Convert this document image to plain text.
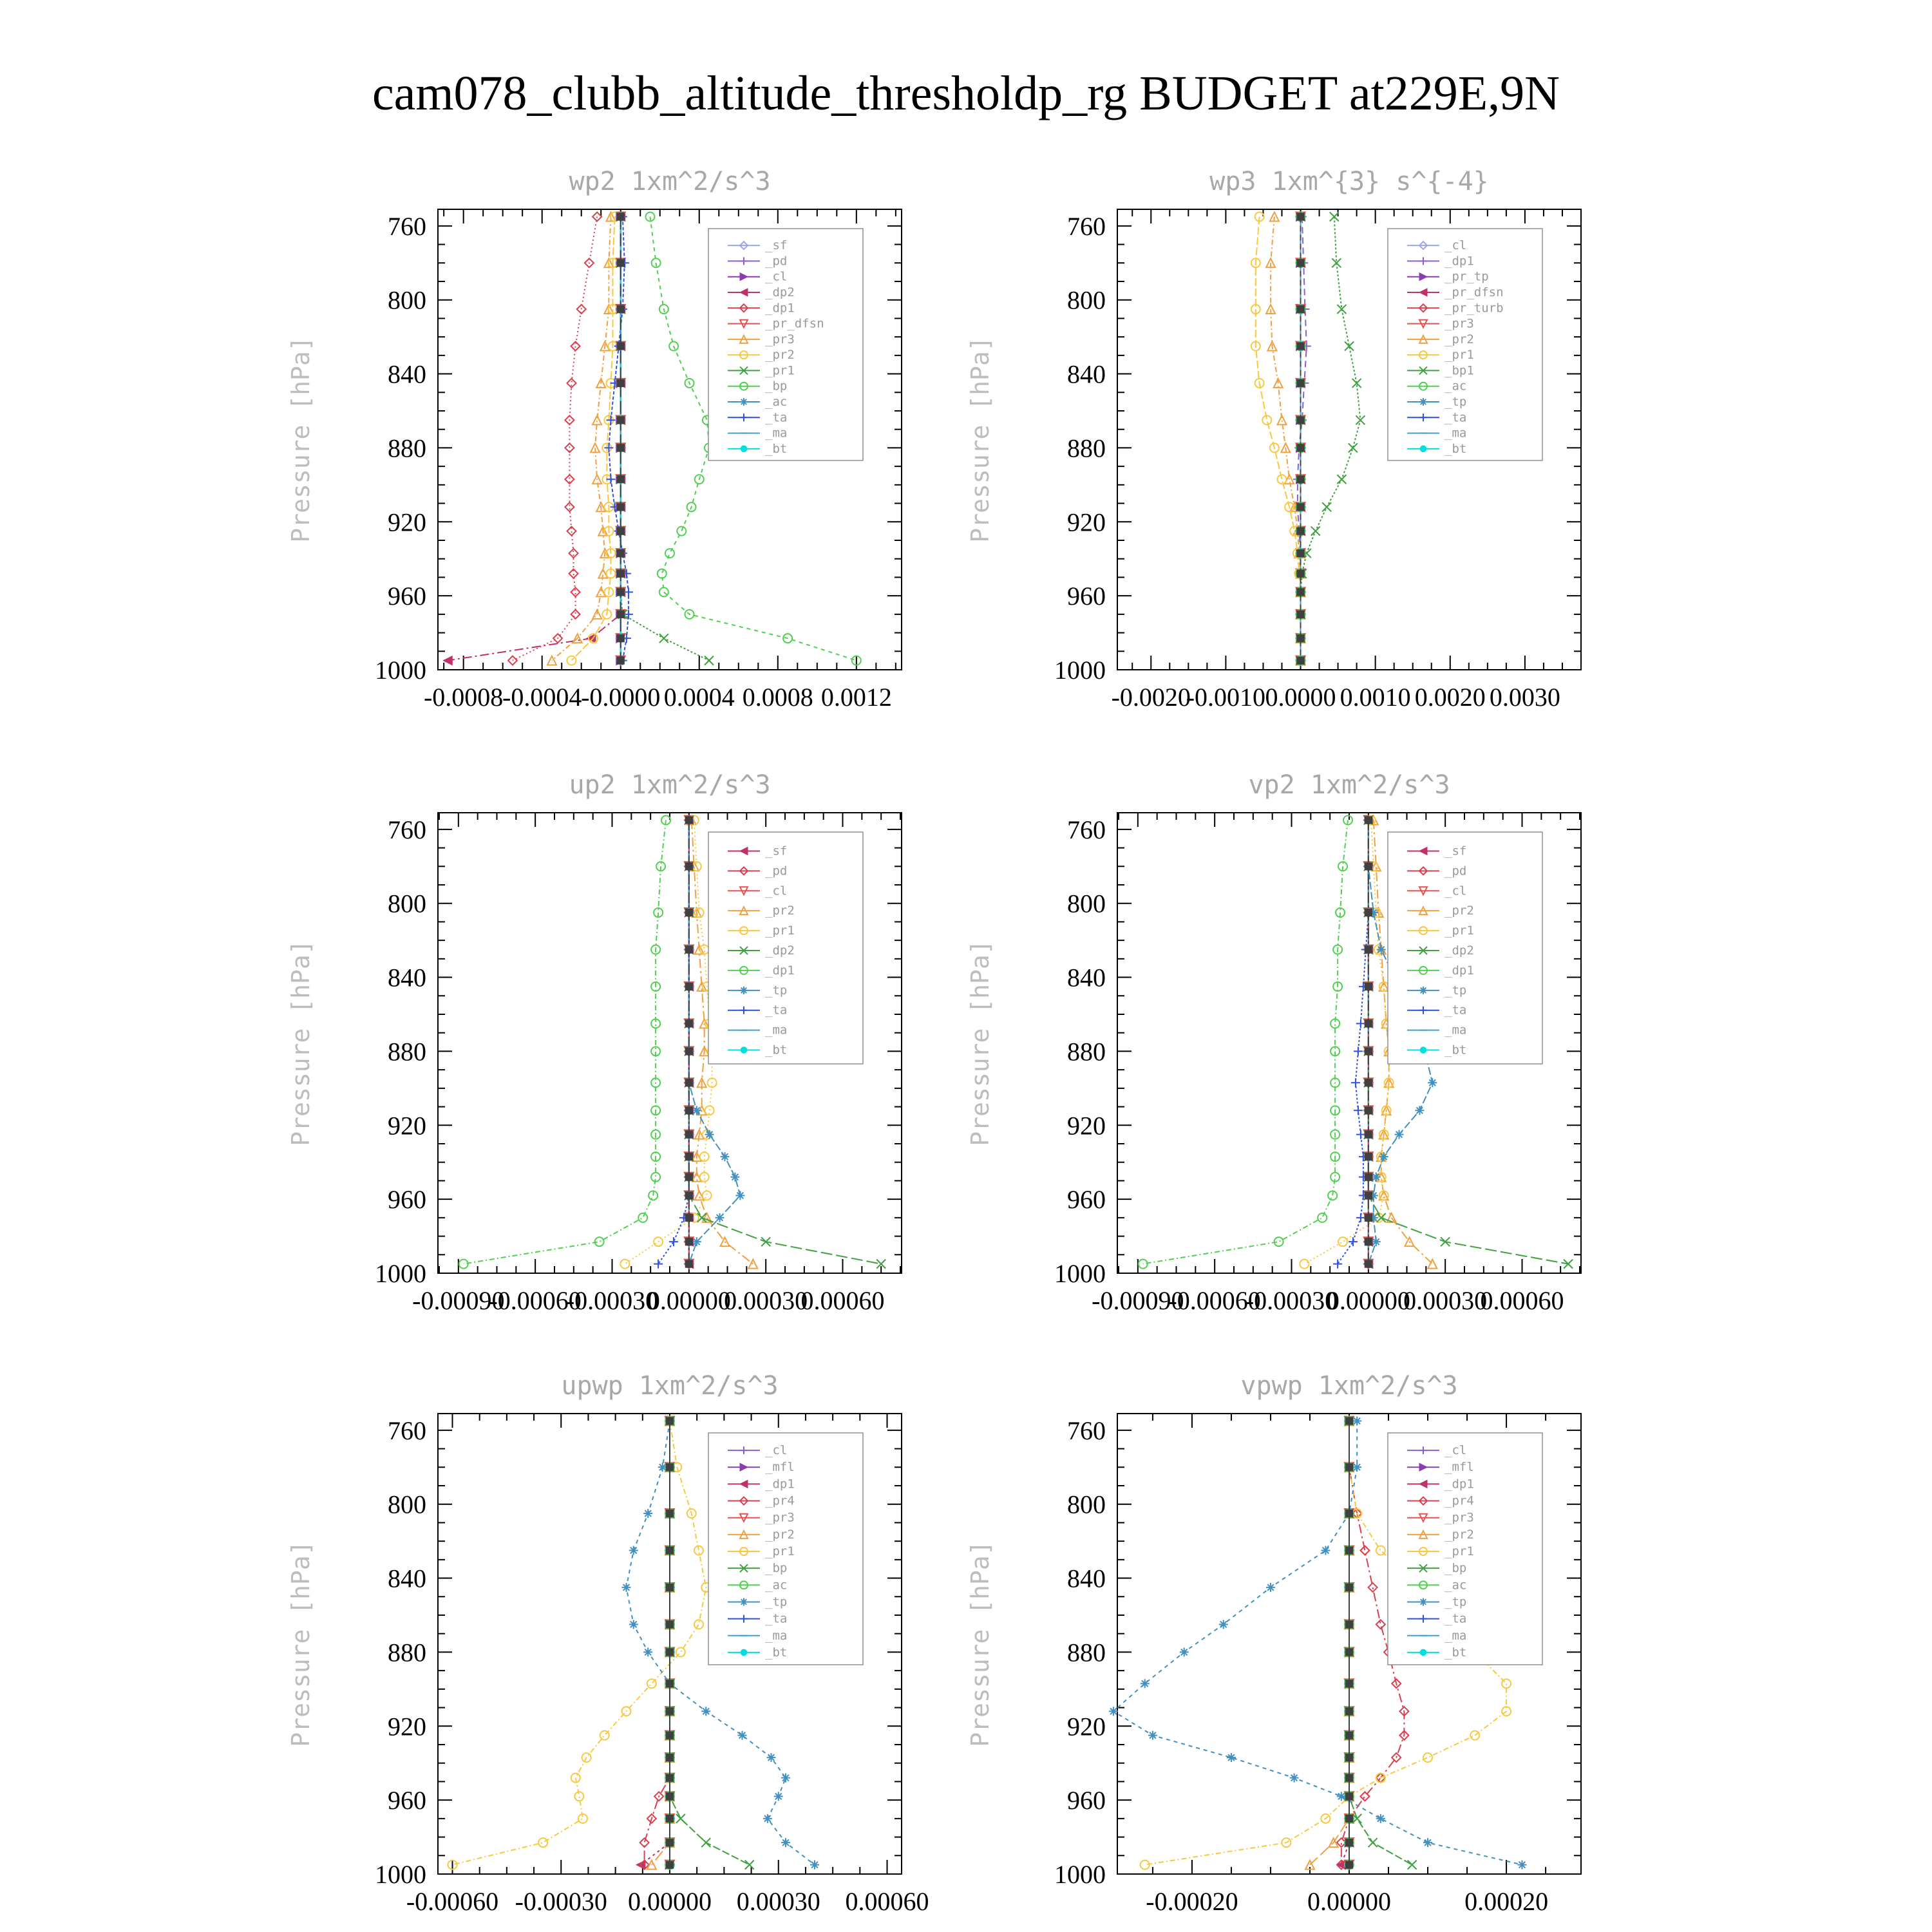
cam078_clubb_altitude_thresholdp_rg BUDGET at229E,9N
wp2 1xm^2/s^3
Pressure [hPa]
760
800
840
880
920
960
1000
-0.0008
-0.0004
-0.0000 0.0004 0.0008 0.0012
_sf
_pd
_cl
_dp2
_dp1
_pr_dfsn
_pr3
_pr2
_pr1
_bp
_ac
_ta
_ma
_bt
wp3 1xm^{3} s^{-4}
Pressure [hPa]
760
800
840
880
920
960
1000
-0.0020
-0.0010 0.0000 0.0010 0.0020 0.0030
_cl
_dp1
_pr_tp
_pr_dfsn
_pr_turb
_pr3
_pr2
_pr1
_bp1
_ac
_tp
_ta
_ma
_bt
up2 1xm^2/s^3
Pressure [hPa]
760
800
840
880
920
960
1000
-0.00090
-0.00060
-0.00030
0.00000
0.00030
0.00060
_sf
_pd
_cl
_pr2
_pr1
_dp2
_dp1
_tp
_ta
_ma
_bt
vp2 1xm^2/s^3
Pressure [hPa]
760
800
840
880
920
960
1000
-0.00090
-0.00060
-0.00030
0.00000
0.00030
0.00060
_sf
_pd
_cl
_pr2
_pr1
_dp2
_dp1
_tp
_ta
_ma
_bt
upwp 1xm^2/s^3
Pressure [hPa]
760
800
840
880
920
960
1000
-0.00060 -0.00030 0.00000 0.00030 0.00060
_cl
_mfl
_dp1
_pr4
_pr3
_pr2
_pr1
_bp
_ac
_tp
_ta
_ma
_bt
vpwp 1xm^2/s^3
Pressure [hPa]
760
800
840
880
920
960
1000
-0.00020	0.00000	0.00020
_cl
_mfl
_dp1
_pr4
_pr3
_pr2
_pr1
_bp
_ac
_tp
_ta
_ma
_bt
